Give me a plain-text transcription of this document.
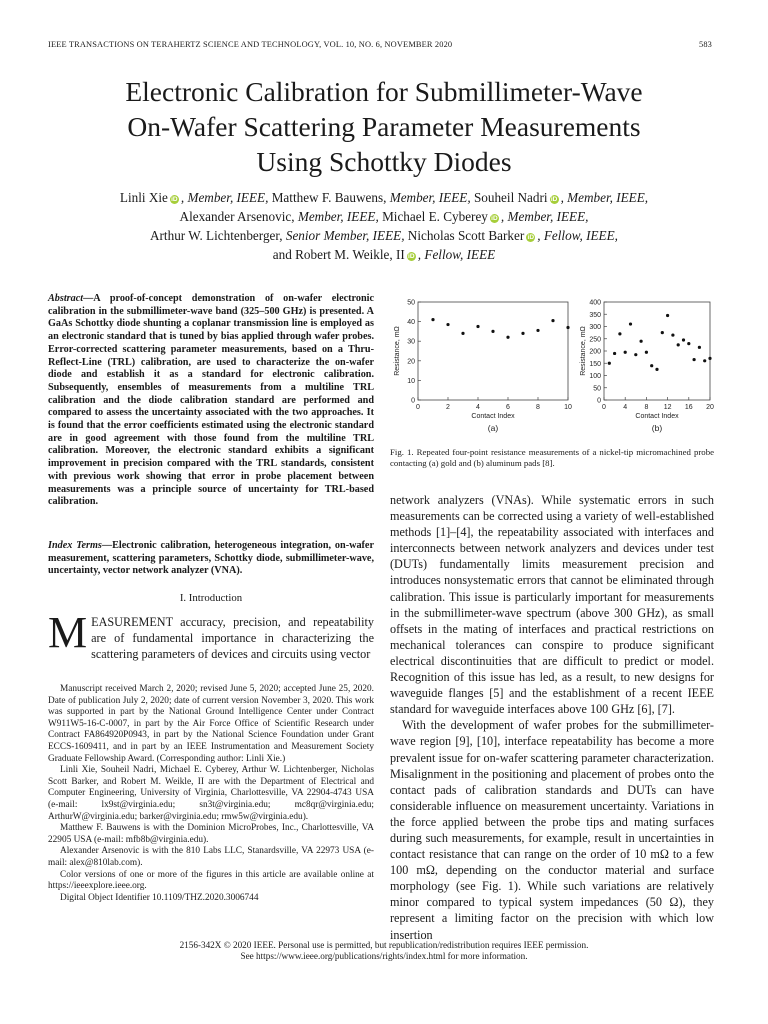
IEEE TRANSACTIONS ON TERAHERTZ SCIENCE AND TECHNOLOGY, VOL. 10, NO. 6, NOVEMBER 2020	583
Electronic Calibration for Submillimeter-Wave
On-Wafer Scattering Parameter Measurements
Using Schottky Diodes
Linli Xie iD , Member, IEEE, Matthew F. Bauwens, Member, IEEE, Souheil Nadri iD , Member, IEEE,
Alexander Arsenovic, Member, IEEE, Michael E. Cyberey iD , Member, IEEE,
Arthur W. Lichtenberger, Senior Member, IEEE, Nicholas Scott Barker iD , Fellow, IEEE,
and Robert M. Weikle, II iD , Fellow, IEEE
Abstract—A proof-of-concept demonstration of on-wafer electronic calibration in the submillimeter-wave band (325–500 GHz) is presented. A GaAs Schottky diode shunting a coplanar transmission line is employed as an electronic standard that is tuned by bias applied through wafer probes. Error-corrected scattering parameter measurements, based on a Thru-Reflect-Line (TRL) calibration, are used to characterize the on-wafer diode and establish it as a standard for electronic calibration. Subsequently, ensembles of measurements from a multiline TRL calibration and the diode calibration standard are performed and compared to assess the uncertainty associated with the two approaches. It is found that the error coefficients estimated using the electronic standard are in good agreement with those found from the multiline TRL calibration. Moreover, the electronic standard exhibits a significant improvement in precision compared with the TRL standards, consistent with previous work showing that error in probe placement between measurements was a principle source of uncertainty for TRL-based calibration.
Index Terms—Electronic calibration, heterogeneous integration, on-wafer measurement, scattering parameters, Schottky diode, submillimeter-wave, uncertainty, vector network analyzer (VNA).
I. Introduction
MEASUREMENT accuracy, precision, and repeatability are of fundamental importance in characterizing the scattering parameters of devices and circuits using vector

Manuscript received March 2, 2020; revised June 5, 2020; accepted June 25, 2020. Date of publication July 2, 2020; date of current version November 3, 2020. This work was supported in part by the National Ground Intelligence Center under Contract W911W5-16-C-0007, in part by the Air Force Office of Scientific Research under Contract FA864920P0943, in part by the National Science Foundation under Grant ECCS-1609411, and in part by an IEEE Instrumentation and Measurement Society Graduate Fellowship Award. (Corresponding author: Linli Xie.)

Linli Xie, Souheil Nadri, Michael E. Cyberey, Arthur W. Lichtenberger, Nicholas Scott Barker, and Robert M. Weikle, II are with the Department of Electrical and Computer Engineering, University of Virginia, Charlottesville, VA 22904-4743 USA (e-mail: lx9st@virginia.edu; sn3t@virginia.edu; mc8qr@virginia.edu; ArthurW@virginia.edu; barker@virginia.edu; rmw5w@virginia.edu).

Matthew F. Bauwens is with the Dominion MicroProbes, Inc., Charlottesville, VA 22905 USA (e-mail: mfb8b@virginia.edu).

Alexander Arsenovic is with the 810 Labs LLC, Stanardsville, VA 22973 USA (e-mail: alex@810lab.com).

Color versions of one or more of the figures in this article are available online at https://ieeexplore.ieee.org.

Digital Object Identifier 10.1109/THZ.2020.3006744

0
10
20
30
40
50
0	2	4	6	8	10
Contact Index
Resistance, mΩ
(a)
0
50
100
150
200
250
300
350
400
0 4 8 12 16 20
Contact Index
Resistance, mΩ
(b)
Fig. 1. Repeated four-point resistance measurements of a nickel-tip micromachined probe contacting (a) gold and (b) aluminum pads [8].

network analyzers (VNAs). While systematic errors in such measurements can be corrected using a variety of well-established methods [1]–[4], the repeatability associated with interfaces and interconnects between network analyzers and devices under test (DUTs) fundamentally limits measurement precision and introduces nonsystematic errors that cannot be eliminated through calibration. This issue is particularly important for measurements in the submillimeter-wave spectrum (above 300 GHz), as small offsets in the mating of interfaces and practical restrictions on mechanical tolerances can conspire to produce significant electrical discontinuities that are difficult to predict or model. Recognition of this issue has led, as a result, to new designs for waveguide flanges [5] and the establishment of a recent IEEE standard for waveguide interfaces above 100 GHz [6], [7].

With the development of wafer probes for the submillimeter-wave region [9], [10], interface repeatability has become a more prevalent issue for on-wafer scattering parameter characterization. Misalignment in the positioning and placement of probes onto the contact pads of calibration standards and DUTs can have considerable influence on measurement uncertainty. Variations in the force applied between the probe tips and mating surfaces during such measurements, for example, result in uncertainties in contact resistance that can range on the order of 10 mΩ to a few 100 mΩ, depending on the conductor material and surface morphology (see Fig. 1). While such variations are relatively minor compared to typical system impedances (50 Ω), they represent a limiting factor on the precision with which low insertion

2156-342X © 2020 IEEE. Personal use is permitted, but republication/redistribution requires IEEE permission.
See https://www.ieee.org/publications/rights/index.html for more information.
